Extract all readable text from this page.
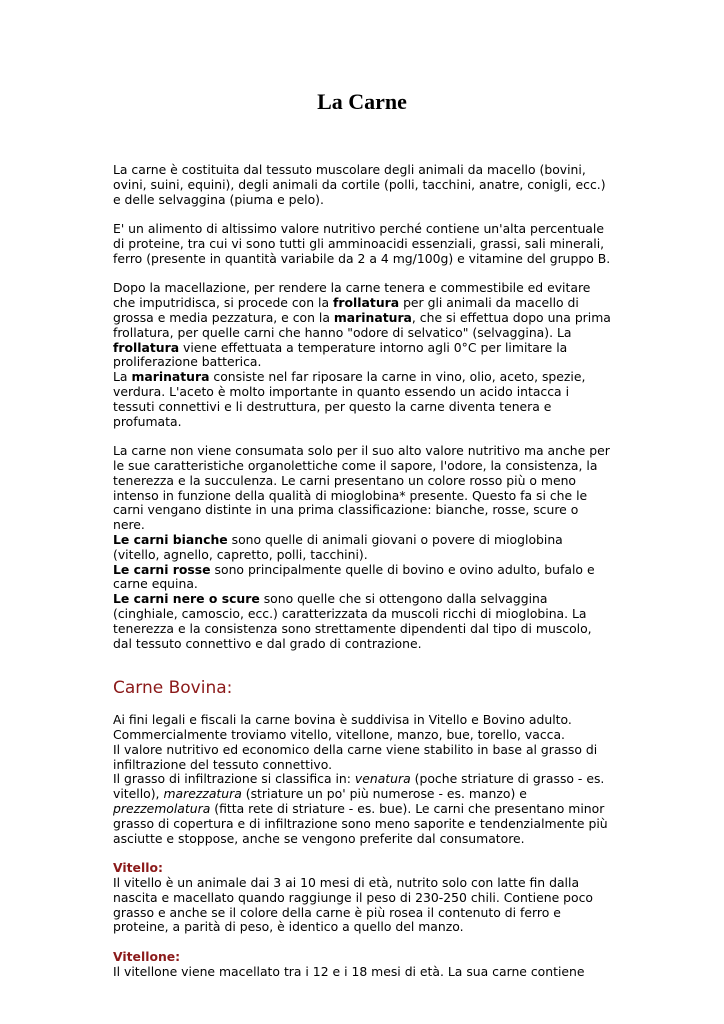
La Carne

La carne è costituita dal tessuto muscolare degli animali da macello (bovini, ovini, suini, equini), degli animali da cortile (polli, tacchini, anatre, conigli, ecc.) e delle selvaggina (piuma e pelo).

E' un alimento di altissimo valore nutritivo perché contiene un'alta percentuale di proteine, tra cui vi sono tutti gli amminoacidi essenziali, grassi, sali minerali, ferro (presente in quantità variabile da 2 a 4 mg/100g) e vitamine del gruppo B.

Dopo la macellazione, per rendere la carne tenera e commestibile ed evitare che imputridisca, si procede con la frollatura per gli animali da macello di grossa e media pezzatura, e con la marinatura, che si effettua dopo una prima frollatura, per quelle carni che hanno "odore di selvatico" (selvaggina). La frollatura viene effettuata a temperature intorno agli 0°C per limitare la proliferazione batterica.

La marinatura consiste nel far riposare la carne in vino, olio, aceto, spezie, verdura. L'aceto è molto importante in quanto essendo un acido intacca i tessuti connettivi e li destruttura, per questo la carne diventa tenera e profumata.

La carne non viene consumata solo per il suo alto valore nutritivo ma anche per le sue caratteristiche organolettiche come il sapore, l'odore, la consistenza, la tenerezza e la succulenza. Le carni presentano un colore rosso più o meno intenso in funzione della qualità di mioglobina* presente. Questo fa si che le carni vengano distinte in una prima classificazione: bianche, rosse, scure o nere.

Le carni bianche sono quelle di animali giovani o povere di mioglobina (vitello, agnello, capretto, polli, tacchini).

Le carni rosse sono principalmente quelle di bovino e ovino adulto, bufalo e carne equina.

Le carni nere o scure sono quelle che si ottengono dalla selvaggina (cinghiale, camoscio, ecc.) caratterizzata da muscoli ricchi di mioglobina. La tenerezza e la consistenza sono strettamente dipendenti dal tipo di muscolo, dal tessuto connettivo e dal grado di contrazione.

Carne Bovina:

Ai fini legali e fiscali la carne bovina è suddivisa in Vitello e Bovino adulto.

Commercialmente troviamo vitello, vitellone, manzo, bue, torello, vacca.

Il valore nutritivo ed economico della carne viene stabilito in base al grasso di infiltrazione del tessuto connettivo.

Il grasso di infiltrazione si classifica in: venatura (poche striature di grasso - es. vitello), marezzatura (striature un po' più numerose - es. manzo) e prezzemolatura (fitta rete di striature - es. bue). Le carni che presentano minor grasso di copertura e di infiltrazione sono meno saporite e tendenzialmente più asciutte e stoppose, anche se vengono preferite dal consumatore.

Vitello:

Il vitello è un animale dai 3 ai 10 mesi di età, nutrito solo con latte fin dalla nascita e macellato quando raggiunge il peso di 230-250 chili. Contiene poco grasso e anche se il colore della carne è più rosea il contenuto di ferro e proteine, a parità di peso, è identico a quello del manzo.

Vitellone:

Il vitellone viene macellato tra i 12 e i 18 mesi di età. La sua carne contiene
